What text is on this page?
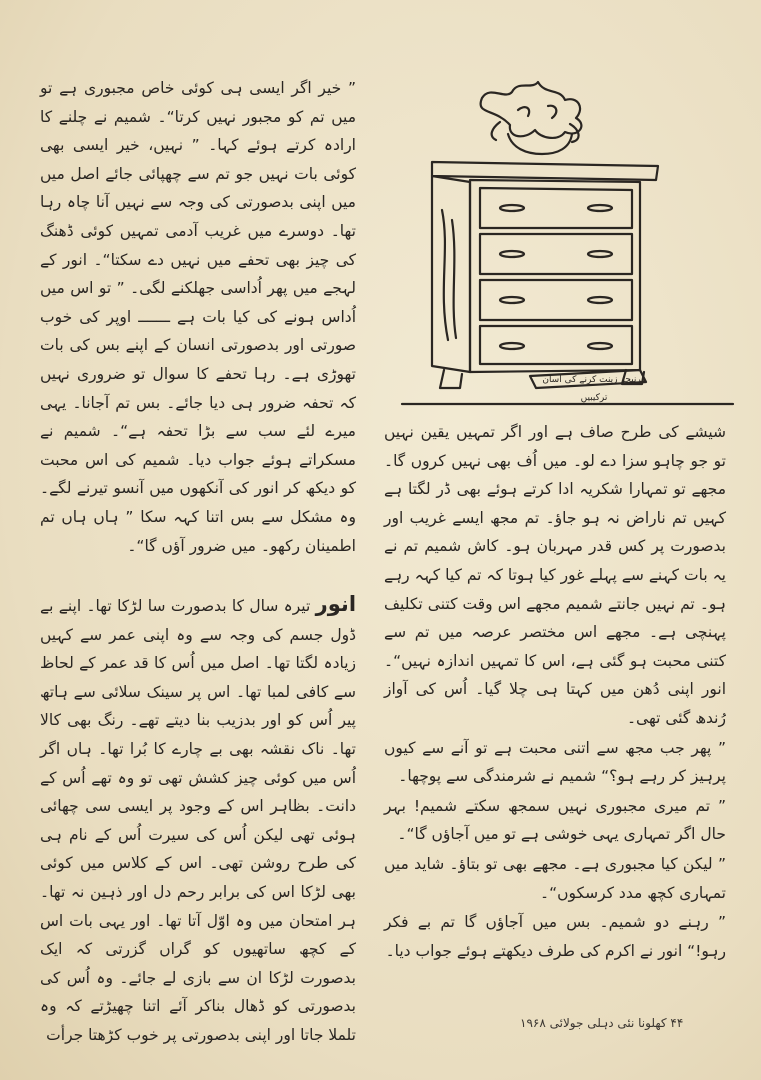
” خیر اگر ایسی ہی کوئی خاص مجبوری ہے تو میں تم کو مجبور نہیں کرتا“۔ شمیم نے چلنے کا ارادہ کرتے ہوئے کہا۔ ” نہیں، خیر ایسی بھی کوئی بات نہیں جو تم سے چھپائی جائے اصل میں میں اپنی بدصورتی کی وجہ سے نہیں آنا چاہ رہا تھا۔ دوسرے میں غریب آدمی تمہیں کوئی ڈھنگ کی چیز بھی تحفے میں نہیں دے سکتا“۔ انور کے لہجے میں پھر اُداسی جھلکنے لگی۔ ” تو اس میں اُداس ہونے کی کیا بات ہے ـــــــ اوپر کی خوب صورتی اور بدصورتی انسان کے اپنے بس کی بات تھوڑی ہے۔ رہا تحفے کا سوال تو ضروری نہیں کہ تحفہ ضرور ہی دیا جائے۔ بس تم آجانا۔ یہی میرے لئے سب سے بڑا تحفہ ہے“۔ شمیم نے مسکراتے ہوئے جواب دیا۔ شمیم کی اس محبت کو دیکھ کر انور کی آنکھوں میں آنسو تیرنے لگے۔ وہ مشکل سے بس اتنا کہہ سکا ” ہاں ہاں تم اطمینان رکھو۔ میں ضرور آؤں گا“۔

انور تیرہ سال کا بدصورت سا لڑکا تھا۔ اپنے بے ڈول جسم کی وجہ سے وہ اپنی عمر سے کہیں زیادہ لگتا تھا۔ اصل میں اُس کا قد عمر کے لحاظ سے کافی لمبا تھا۔ اس پر سینک سلائی سے ہاتھ پیر اُس کو اور بدزیب بنا دیتے تھے۔ رنگ بھی کالا تھا۔ ناک نقشہ بھی بے چارے کا بُرا تھا۔ ہاں اگر اُس میں کوئی چیز کشش تھی تو وہ تھے اُس کے دانت۔ بظاہر اس کے وجود پر ایسی سی چھائی ہوئی تھی لیکن اُس کی سیرت اُس کے نام ہی کی طرح روشن تھی۔ اس کے کلاس میں کوئی بھی لڑکا اس کی برابر رحم دل اور ذہین نہ تھا۔ ہر امتحان میں وہ اوّل آتا تھا۔ اور یہی بات اس کے کچھ ساتھیوں کو گراں گزرتی کہ ایک بدصورت لڑکا ان سے بازی لے جائے۔ وہ اُس کی بدصورتی کو ڈھال بناکر آئے اتنا چھیڑتے کہ وہ تلملا جاتا اور اپنی بدصورتی پر خوب کڑھتا جرأت

فرنیچر زینت کرنے کی آسان ترکیبیں

شیشے کی طرح صاف ہے اور اگر تمہیں یقین نہیں تو جو چاہو سزا دے لو۔ میں اُف بھی نہیں کروں گا۔ مجھے تو تمہارا شکریہ ادا کرتے ہوئے بھی ڈر لگتا ہے کہیں تم ناراض نہ ہو جاؤ۔ تم مجھ ایسے غریب اور بدصورت پر کس قدر مہربان ہو۔ کاش شمیم تم نے یہ بات کہنے سے پہلے غور کیا ہوتا کہ تم کیا کہہ رہے ہو۔ تم نہیں جانتے شمیم مجھے اس وقت کتنی تکلیف پہنچی ہے۔ مجھے اس مختصر عرصہ میں تم سے کتنی محبت ہو گئی ہے، اس کا تمہیں اندازہ نہیں“۔ انور اپنی دُھن میں کہتا ہی چلا گیا۔ اُس کی آواز رُندھ گئی تھی۔

” پھر جب مجھ سے اتنی محبت ہے تو آنے سے کیوں پرہیز کر رہے ہو؟“ شمیم نے شرمندگی سے پوچھا۔

” تم میری مجبوری نہیں سمجھ سکتے شمیم! بہر حال اگر تمہاری یہی خوشی ہے تو میں آجاؤں گا“۔

” لیکن کیا مجبوری ہے۔ مجھے بھی تو بتاؤ۔ شاید میں تمہاری کچھ مدد کرسکوں“۔

” رہنے دو شمیم۔ بس میں آجاؤں گا تم بے فکر رہو!“ انور نے اکرم کی طرف دیکھتے ہوئے جواب دیا۔

۴۴ کھلونا نئی دہلی جولائی ۱۹۶۸
